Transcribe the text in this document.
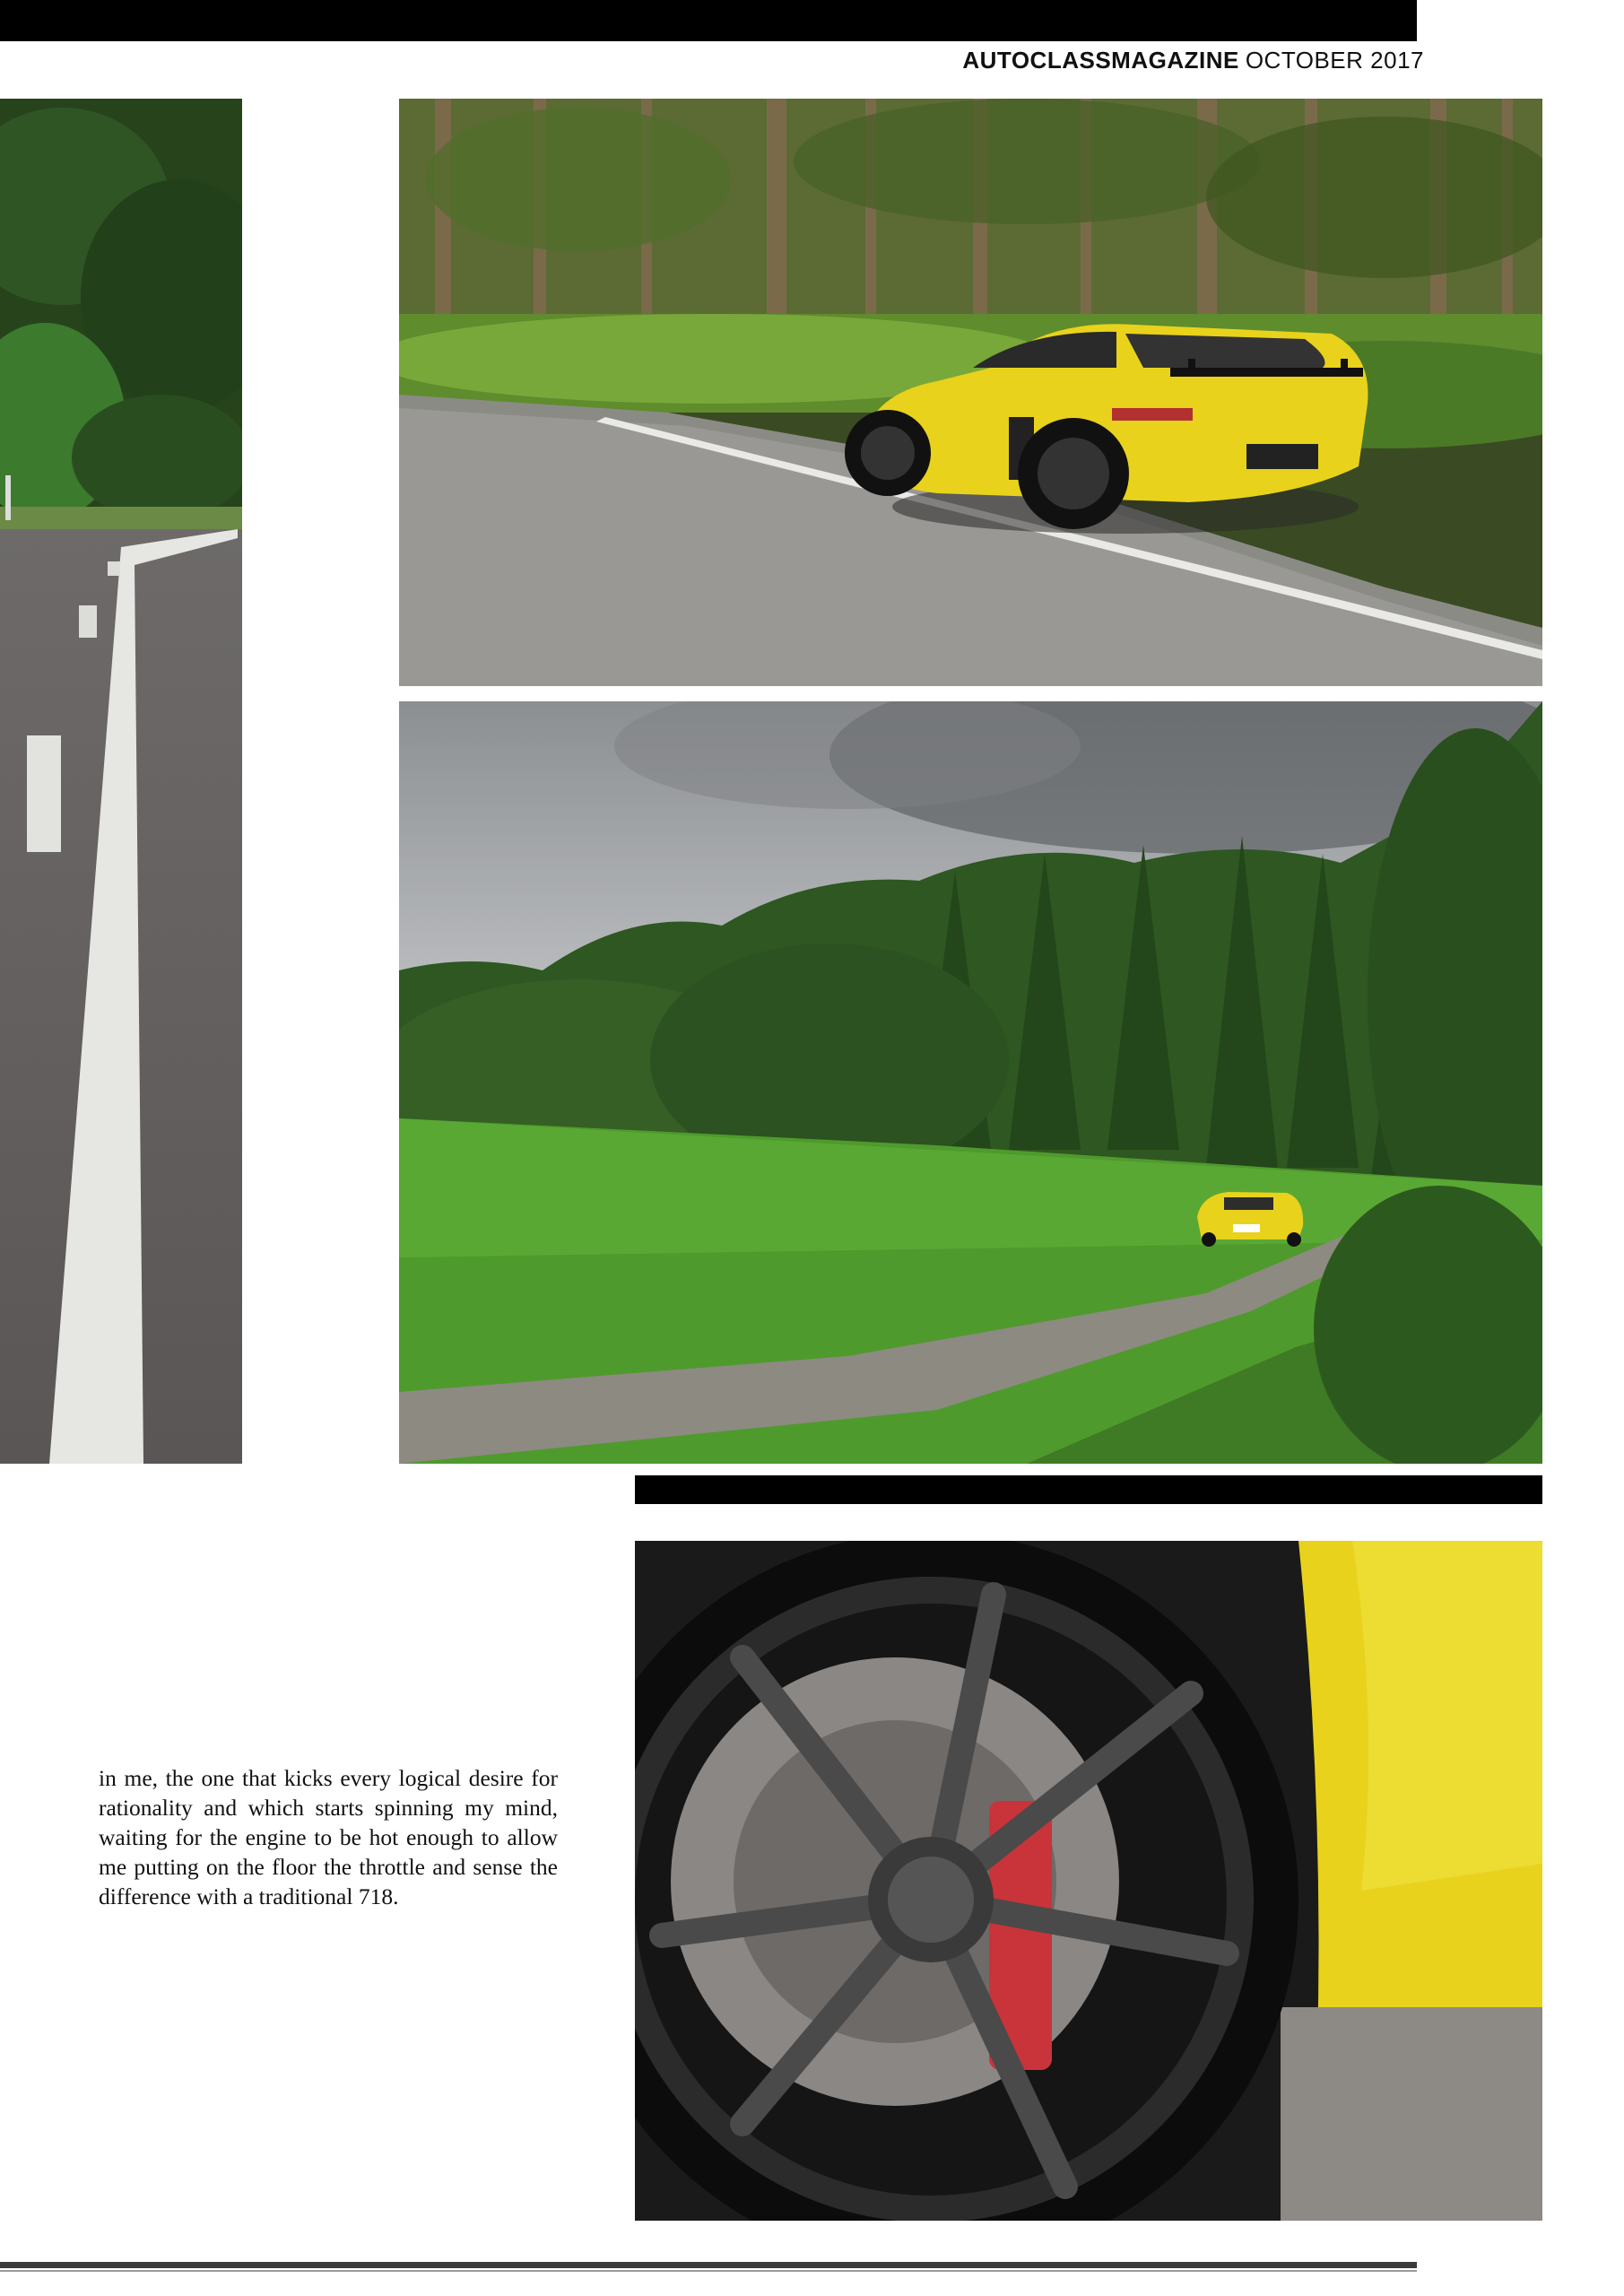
AUTOCLASSMAGAZINE OCTOBER 2017
in me, the one that kicks every logical desire for rationality and which starts spinning my mind, waiting for the engine to be hot enough to allow me putting on the floor the throttle and sense the difference with a traditional 718.
